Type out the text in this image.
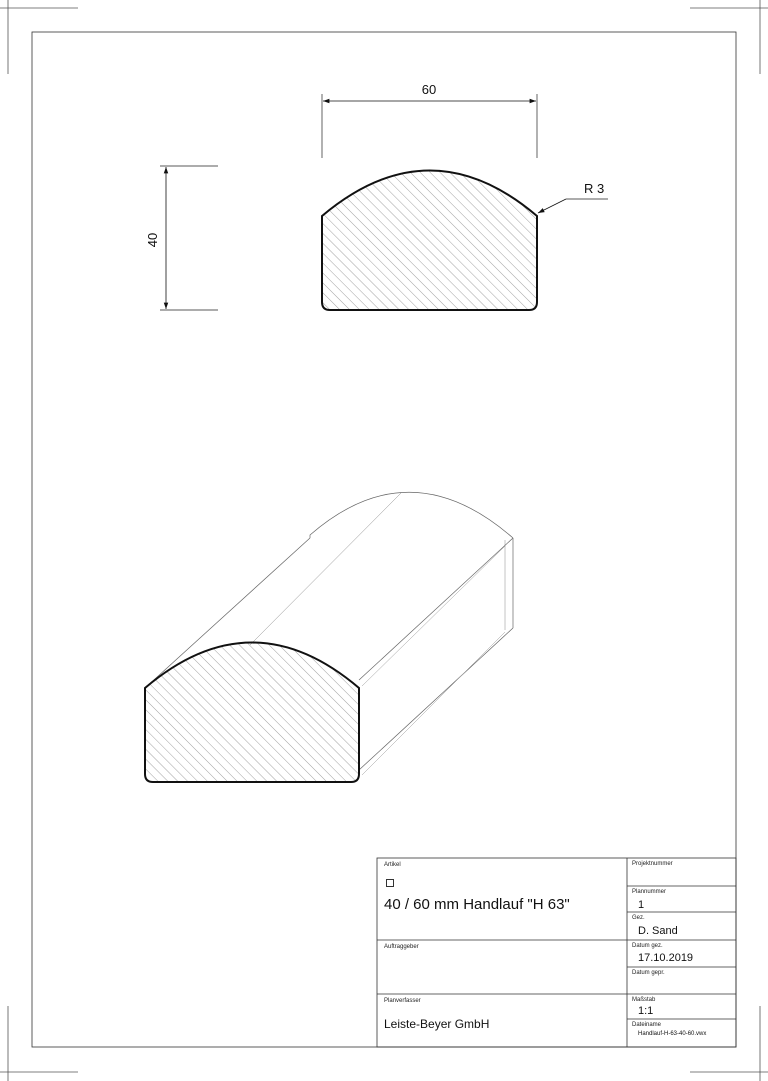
60
40
R 3
Artikel
40 / 60 mm Handlauf "H 63"
Projektnummer
Plannummer
1
Gez.
D. Sand
Auftraggeber	Datum gez.
17.10.2019
Datum gepr.
Planverfasser
Leiste-Beyer GmbH
Maßstab
1:1
Dateiname
Handlauf-H-63-40-60.vwx
